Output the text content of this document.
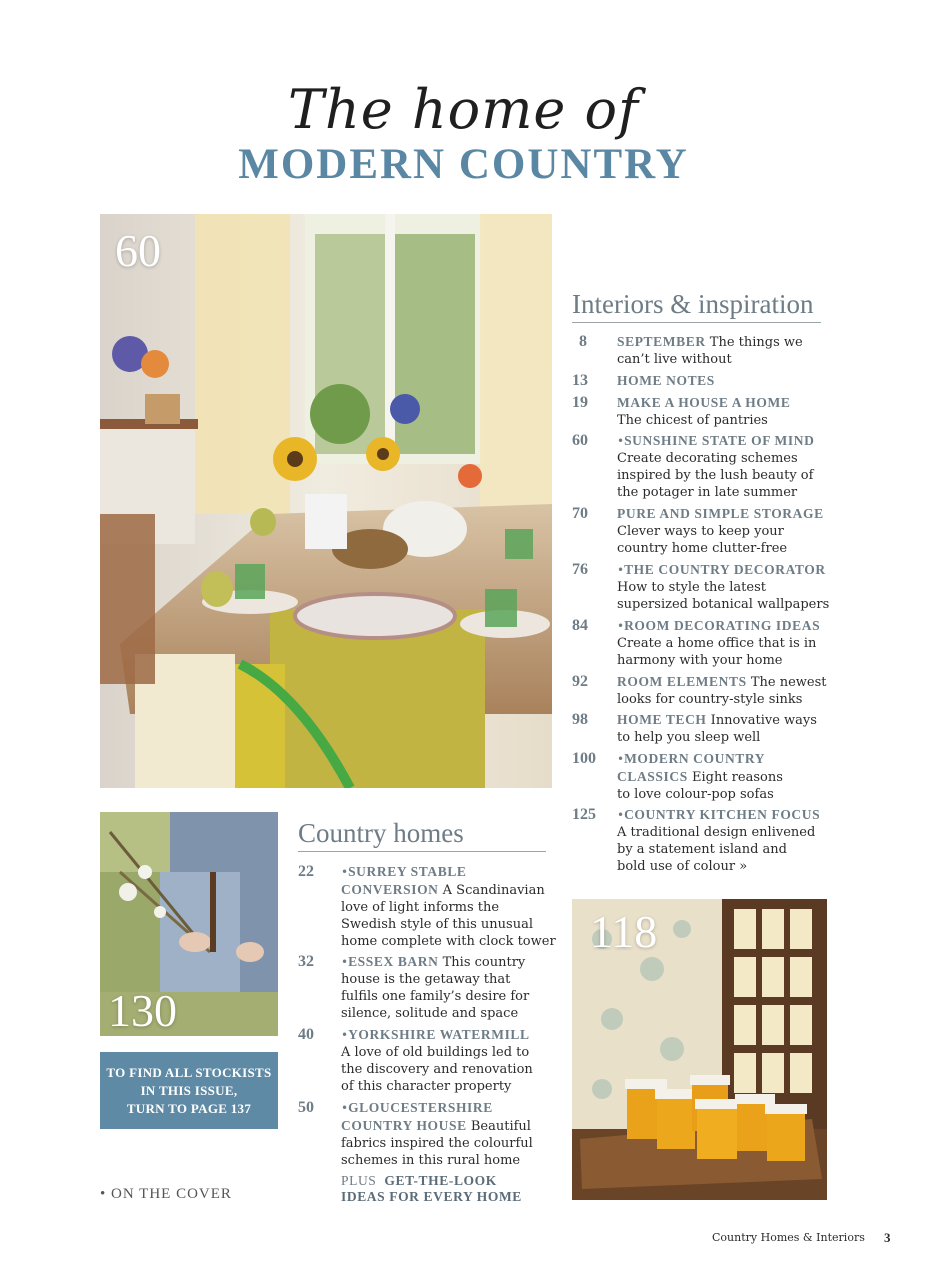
The home of
MODERN COUNTRY
60
130
TO FIND ALL STOCKISTS
IN THIS ISSUE,
TURN TO PAGE 137
• ON THE COVER
Country homes
22 •SURREY STABLE
CONVERSION A Scandinavian
love of light informs the
Swedish style of this unusual
home complete with clock tower
32 •ESSEX BARN This country
house is the getaway that
fulfils one family’s desire for
silence, solitude and space
40 •YORKSHIRE WATERMILL
A love of old buildings led to
the discovery and renovation
of this character property
50 •GLOUCESTERSHIRE
COUNTRY HOUSE Beautiful
fabrics inspired the colourful
schemes in this rural home
PLUS GET-THE-LOOK
IDEAS FOR EVERY HOME
Interiors & inspiration
8 SEPTEMBER The things we
can’t live without
13 HOME NOTES
19 MAKE A HOUSE A HOME
The chicest of pantries
60 •SUNSHINE STATE OF MIND
Create decorating schemes
inspired by the lush beauty of
the potager in late summer
70 PURE AND SIMPLE STORAGE
Clever ways to keep your
country home clutter-free
76 •THE COUNTRY DECORATOR
How to style the latest
supersized botanical wallpapers
84 •ROOM DECORATING IDEAS
Create a home office that is in
harmony with your home
92 ROOM ELEMENTS The newest
looks for country-style sinks
98 HOME TECH Innovative ways
to help you sleep well
100 •MODERN COUNTRY
CLASSICS Eight reasons
to love colour-pop sofas
125 •COUNTRY KITCHEN FOCUS
A traditional design enlivened
by a statement island and
bold use of colour »
118
Country Homes & Interiors 3
